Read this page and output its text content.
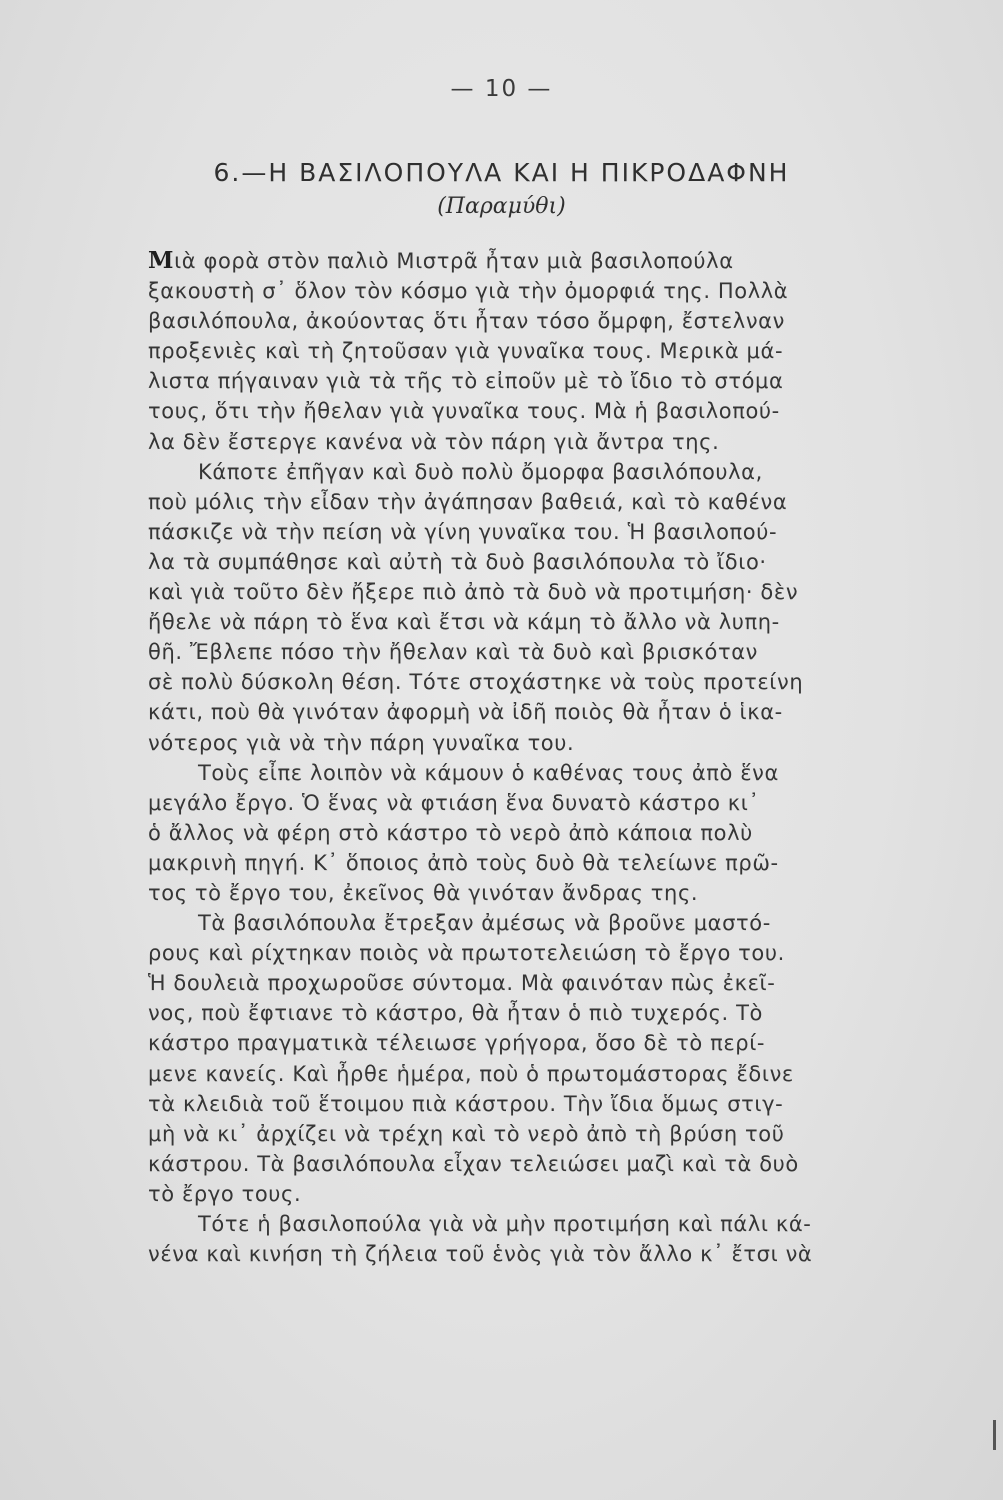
— 10 —
6.—Η ΒΑΣΙΛΟΠΟΥΛΑ ΚΑΙ Η ΠΙΚΡΟΔΑΦΝΗ
(Παραμύθι)
Μιὰ φορὰ στὸν παλιὸ Μιστρᾶ ἦταν μιὰ βασιλοπούλα
ξακουστὴ σ᾽ ὅλον τὸν κόσμο γιὰ τὴν ὀμορφιά της. Πολλὰ
βασιλόπουλα, ἀκούοντας ὅτι ἦταν τόσο ὄμρφη, ἔστελναν
προξενιὲς καὶ τὴ ζητοῦσαν γιὰ γυναῖκα τους. Μερικὰ μά-
λιστα πήγαιναν γιὰ τὰ τῆς τὸ εἰποῦν μὲ τὸ ἴδιο τὸ στόμα
τους, ὅτι τὴν ἤθελαν γιὰ γυναῖκα τους. Μὰ ἡ βασιλοπού-
λα δὲν ἔστεργε κανένα νὰ τὸν πάρη γιὰ ἄντρα της.
Κάποτε ἐπῆγαν καὶ δυὸ πολὺ ὄμορφα βασιλόπουλα,
ποὺ μόλις τὴν εἶδαν τὴν ἀγάπησαν βαθειά, καὶ τὸ καθένα
πάσκιζε νὰ τὴν πείση νὰ γίνη γυναῖκα του. Ἡ βασιλοπού-
λα τὰ συμπάθησε καὶ αὐτὴ τὰ δυὸ βασιλόπουλα τὸ ἴδιο·
καὶ γιὰ τοῦτο δὲν ἤξερε πιὸ ἀπὸ τὰ δυὸ νὰ προτιμήση· δὲν
ἤθελε νὰ πάρη τὸ ἕνα καὶ ἔτσι νὰ κάμη τὸ ἄλλο νὰ λυπη-
θῆ. Ἔβλεπε πόσο τὴν ἤθελαν καὶ τὰ δυὸ καὶ βρισκόταν
σὲ πολὺ δύσκολη θέση. Τότε στοχάστηκε νὰ τοὺς προτείνη
κάτι, ποὺ θὰ γινόταν ἀφορμὴ νὰ ἰδῆ ποιὸς θὰ ἦταν ὁ ἱκα-
νότερος γιὰ νὰ τὴν πάρη γυναῖκα του.
Τοὺς εἶπε λοιπὸν νὰ κάμουν ὁ καθένας τους ἀπὸ ἕνα
μεγάλο ἔργο. Ὁ ἕνας νὰ φτιάση ἕνα δυνατὸ κάστρο κι᾽
ὁ ἄλλος νὰ φέρη στὸ κάστρο τὸ νερὸ ἀπὸ κάποια πολὺ
μακρινὴ πηγή. Κ᾽ ὅποιος ἀπὸ τοὺς δυὸ θὰ τελείωνε πρῶ-
τος τὸ ἔργο του, ἐκεῖνος θὰ γινόταν ἄνδρας της.
Τὰ βασιλόπουλα ἔτρεξαν ἀμέσως νὰ βροῦνε μαστό-
ρους καὶ ρίχτηκαν ποιὸς νὰ πρωτοτελειώση τὸ ἔργο του.
Ἡ δουλειὰ προχωροῦσε σύντομα. Μὰ φαινόταν πὼς ἐκεῖ-
νος, ποὺ ἔφτιανε τὸ κάστρο, θὰ ἦταν ὁ πιὸ τυχερός. Τὸ
κάστρο πραγματικὰ τέλειωσε γρήγορα, ὅσο δὲ τὸ περί-
μενε κανείς. Καὶ ἦρθε ἡμέρα, ποὺ ὁ πρωτομάστορας ἔδινε
τὰ κλειδιὰ τοῦ ἕτοιμου πιὰ κάστρου. Τὴν ἴδια ὅμως στιγ-
μὴ νὰ κι᾽ ἀρχίζει νὰ τρέχη καὶ τὸ νερὸ ἀπὸ τὴ βρύση τοῦ
κάστρου. Τὰ βασιλόπουλα εἶχαν τελειώσει μαζὶ καὶ τὰ δυὸ
τὸ ἔργο τους.
Τότε ἡ βασιλοπούλα γιὰ νὰ μὴν προτιμήση καὶ πάλι κά-
νένα καὶ κινήση τὴ ζήλεια τοῦ ἑνὸς γιὰ τὸν ἄλλο κ᾽ ἔτσι νὰ
